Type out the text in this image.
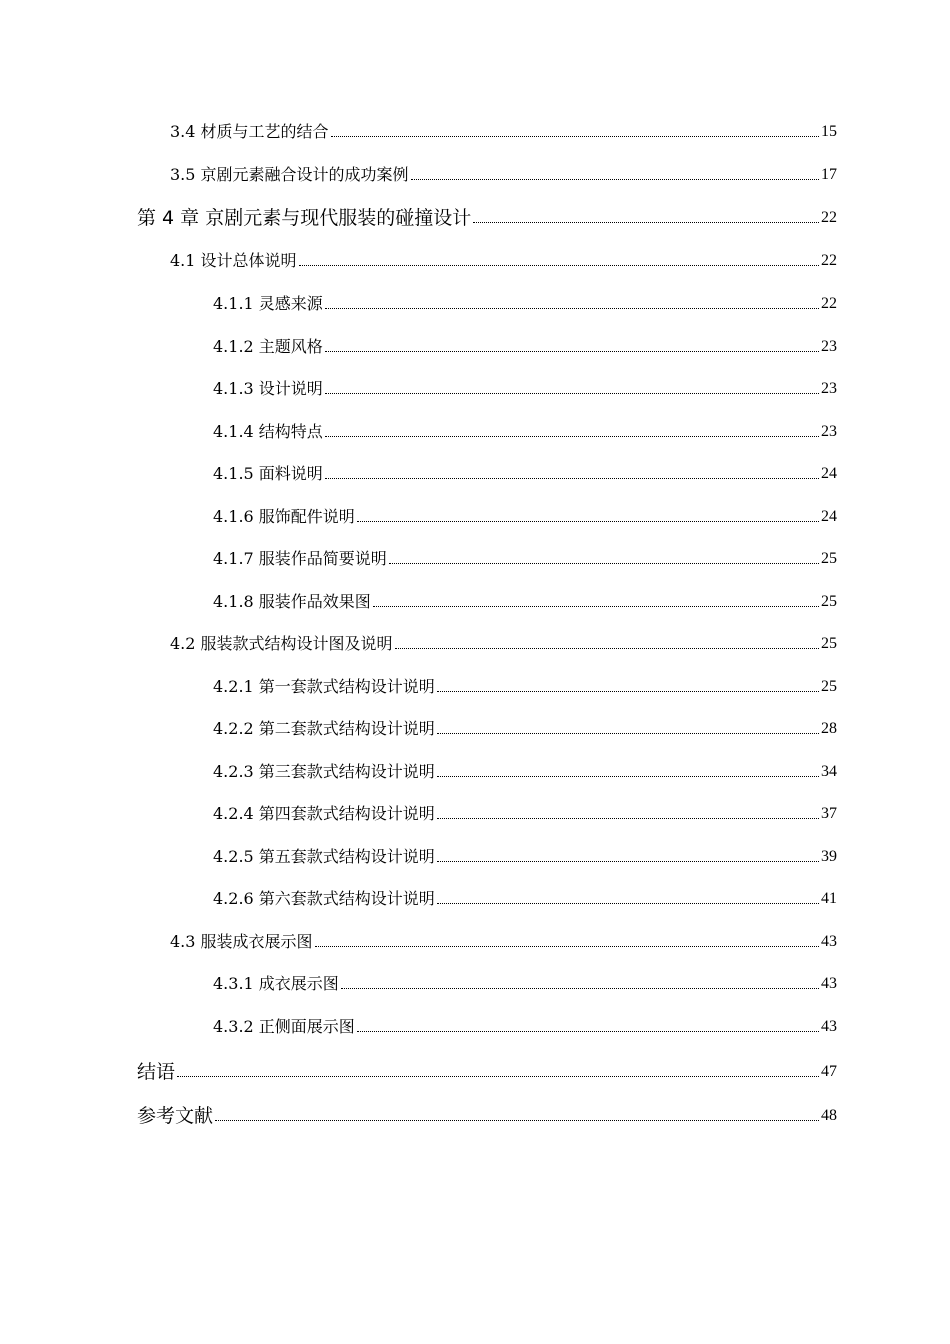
3.4 材质与工艺的结合	15
3.5 京剧元素融合设计的成功案例	17
第 4 章 京剧元素与现代服装的碰撞设计	22
4.1 设计总体说明	22
4.1.1 灵感来源	22
4.1.2 主题风格	23
4.1.3 设计说明	23
4.1.4 结构特点	23
4.1.5 面料说明	24
4.1.6 服饰配件说明	24
4.1.7 服装作品简要说明	25
4.1.8 服装作品效果图	25
4.2 服装款式结构设计图及说明	25
4.2.1 第一套款式结构设计说明	25
4.2.2 第二套款式结构设计说明	28
4.2.3 第三套款式结构设计说明	34
4.2.4 第四套款式结构设计说明	37
4.2.5 第五套款式结构设计说明	39
4.2.6 第六套款式结构设计说明	41
4.3 服装成衣展示图	43
4.3.1 成衣展示图	43
4.3.2 正侧面展示图	43
结语	47
参考文献	48
